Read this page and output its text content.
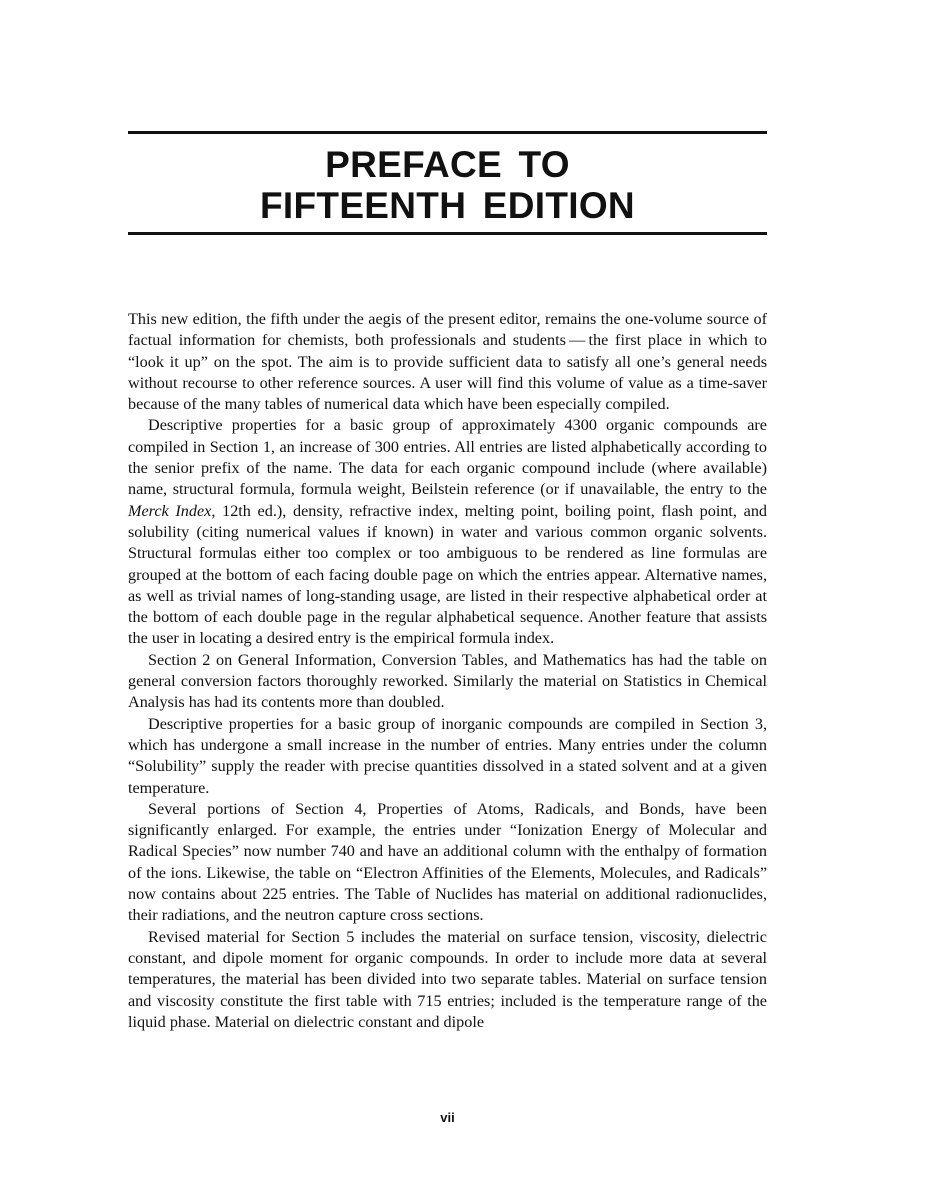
PREFACE TO
FIFTEENTH EDITION

This new edition, the fifth under the aegis of the present editor, remains the one-volume source of factual information for chemists, both professionals and students — the first place in which to “look it up” on the spot. The aim is to provide sufficient data to satisfy all one’s general needs without recourse to other reference sources. A user will find this volume of value as a time-saver because of the many tables of numerical data which have been especially compiled.

Descriptive properties for a basic group of approximately 4300 organic compounds are compiled in Section 1, an increase of 300 entries. All entries are listed alphabetically according to the senior prefix of the name. The data for each organic compound include (where available) name, structural formula, formula weight, Beilstein reference (or if unavailable, the entry to the Merck Index, 12th ed.), density, refractive index, melting point, boiling point, flash point, and solubility (citing numerical values if known) in water and various common organic solvents. Structural formulas either too complex or too ambiguous to be rendered as line formulas are grouped at the bottom of each facing double page on which the entries appear. Alternative names, as well as trivial names of long-standing usage, are listed in their respective alphabetical order at the bottom of each double page in the regular alphabetical sequence. Another feature that assists the user in locating a desired entry is the empirical formula index.

Section 2 on General Information, Conversion Tables, and Mathematics has had the table on general conversion factors thoroughly reworked. Similarly the material on Statistics in Chemical Analysis has had its contents more than doubled.

Descriptive properties for a basic group of inorganic compounds are compiled in Section 3, which has undergone a small increase in the number of entries. Many entries under the column “Solubility” supply the reader with precise quantities dissolved in a stated solvent and at a given temperature.

Several portions of Section 4, Properties of Atoms, Radicals, and Bonds, have been significantly enlarged. For example, the entries under “Ionization Energy of Molecular and Radical Species” now number 740 and have an additional column with the enthalpy of formation of the ions. Likewise, the table on “Electron Affinities of the Elements, Molecules, and Radicals” now contains about 225 entries. The Table of Nuclides has material on additional radionuclides, their radiations, and the neutron capture cross sections.

Revised material for Section 5 includes the material on surface tension, viscosity, dielectric constant, and dipole moment for organic compounds. In order to include more data at several temperatures, the material has been divided into two separate tables. Material on surface tension and viscosity constitute the first table with 715 entries; included is the temperature range of the liquid phase. Material on dielectric constant and dipole

vii
